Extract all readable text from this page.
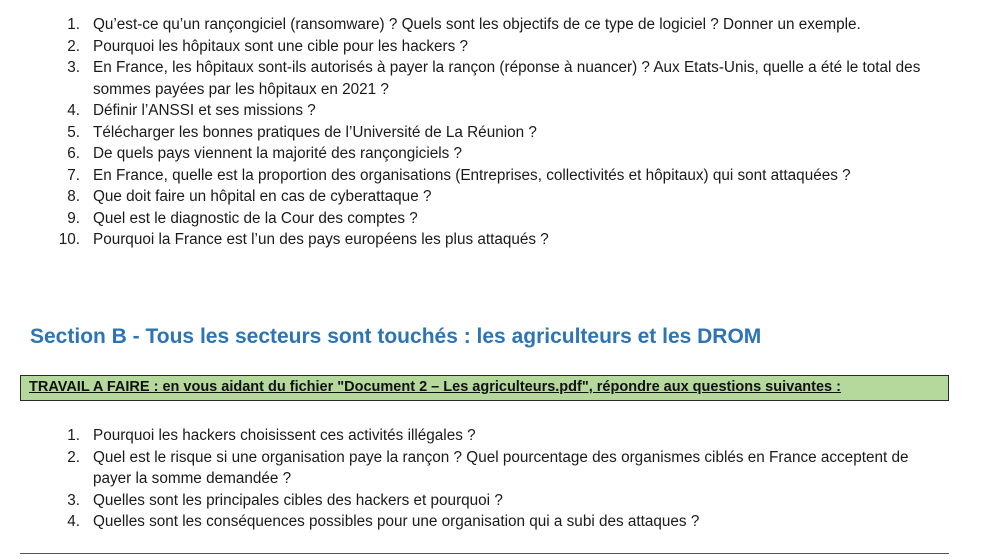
1. Qu’est-ce qu’un rançongiciel (ransomware) ? Quels sont les objectifs de ce type de logiciel ? Donner un exemple.
2. Pourquoi les hôpitaux sont une cible pour les hackers ?
3. En France, les hôpitaux sont-ils autorisés à payer la rançon (réponse à nuancer) ? Aux Etats-Unis, quelle a été le total des sommes payées par les hôpitaux en 2021 ?
4. Définir l’ANSSI et ses missions ?
5. Télécharger les bonnes pratiques de l’Université de La Réunion ?
6. De quels pays viennent la majorité des rançongiciels ?
7. En France, quelle est la proportion des organisations (Entreprises, collectivités et hôpitaux) qui sont attaquées ?
8. Que doit faire un hôpital en cas de cyberattaque ?
9. Quel est le diagnostic de la Cour des comptes ?
10. Pourquoi la France est l’un des pays européens les plus attaqués ?
Section B - Tous les secteurs sont touchés : les agriculteurs et les DROM
TRAVAIL A FAIRE : en vous aidant du fichier "Document 2 – Les agriculteurs.pdf", répondre aux questions suivantes :
1. Pourquoi les hackers choisissent ces activités illégales ?
2. Quel est le risque si une organisation paye la rançon ? Quel pourcentage des organismes ciblés en France acceptent de payer la somme demandée ?
3. Quelles sont les principales cibles des hackers et pourquoi ?
4. Quelles sont les conséquences possibles pour une organisation qui a subi des attaques ?
